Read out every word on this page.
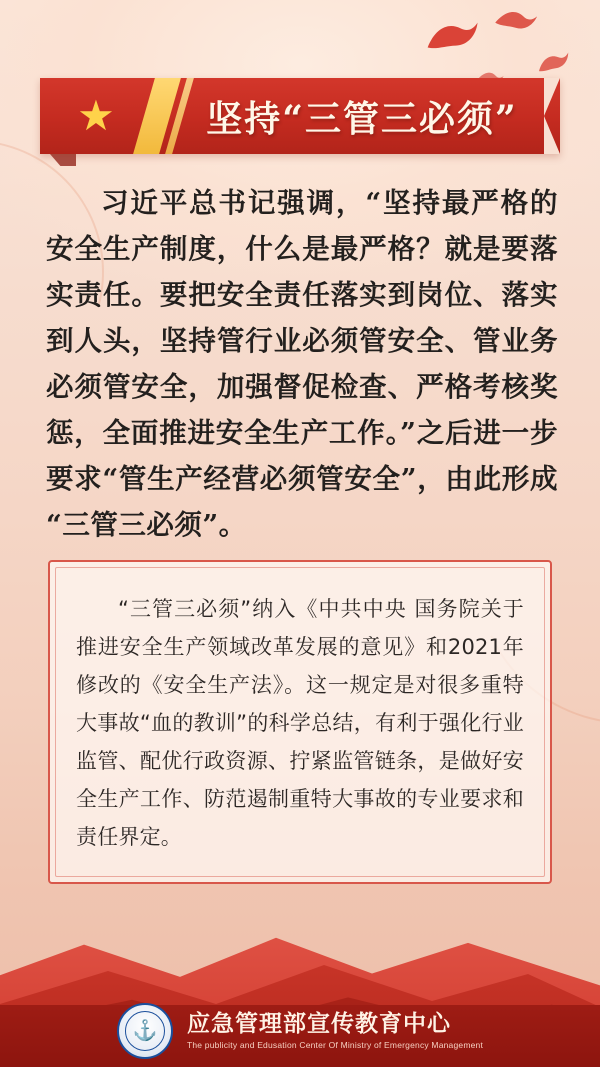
★	坚持“三管三必须”
习近平总书记强调，“坚持最严格的安全生产制度，什么是最严格？就是要落实责任。要把安全责任落实到岗位、落实到人头，坚持管行业必须管安全、管业务必须管安全，加强督促检查、严格考核奖惩，全面推进安全生产工作。”之后进一步要求“管生产经营必须管安全”，由此形成“三管三必须”。
“三管三必须”纳入《中共中央 国务院关于推进安全生产领域改革发展的意见》和2021年修改的《安全生产法》。这一规定是对很多重特大事故“血的教训”的科学总结，有利于强化行业监管、配优行政资源、拧紧监管链条，是做好安全生产工作、防范遏制重特大事故的专业要求和责任界定。
⚓	应急管理部宣传教育中心
The publicity and Edusation Center Of Ministry of Emergency Management
